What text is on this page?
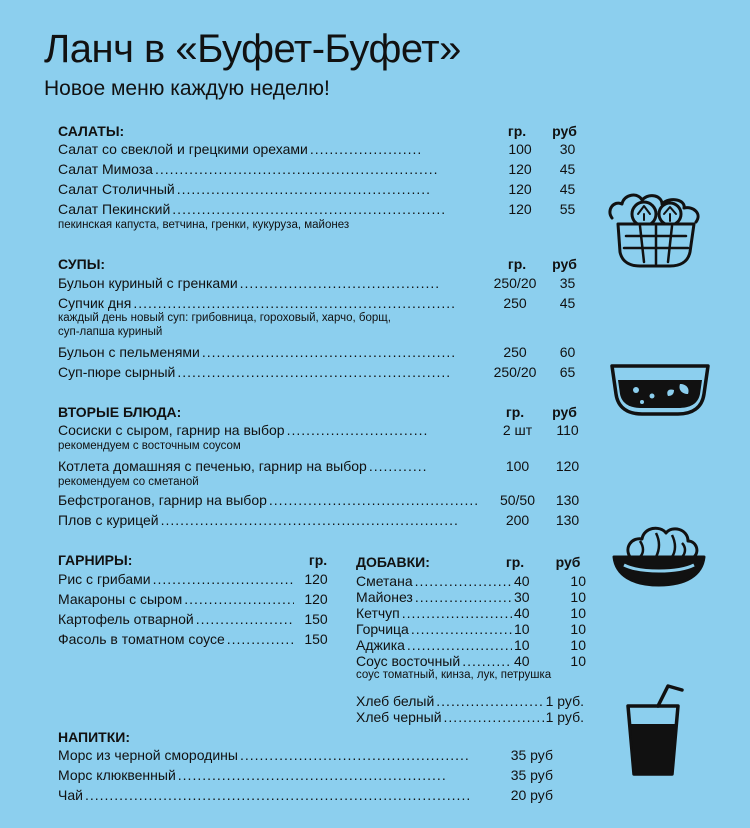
Ланч в «Буфет-Буфет»
Новое меню каждую неделю!
САЛАТЫ:	гр.	руб
Салат со свеклой и грецкими орехами .....	100	30
Салат Мимоза .....	120	45
Салат Столичный .....	120	45
Салат Пекинский .....	120	55
пекинская капуста, ветчина, гренки, кукуруза, майонез
СУПЫ:	гр.	руб
Бульон куриный с гренками .....	250/20	35
Супчик дня .....	250	45
каждый день новый суп: грибовница, гороховый, харчо, борщ,
суп-лапша куриный
Бульон с пельменями .....	250	60
Суп-пюре сырный .....	250/20	65
ВТОРЫЕ БЛЮДА:	гр.	руб
Сосиски с сыром, гарнир на выбор .....	2 шт	110
рекомендуем с восточным соусом
Котлета домашняя с печенью, гарнир на выбор .....	100	120
рекомендуем со сметаной
Бефстроганов, гарнир на выбор .....	50/50	130
Плов с курицей .....	200	130
ГАРНИРЫ:	гр.
Рис с грибами .....	120
Макароны с сыром .....	120
Картофель отварной .....	150
Фасоль в томатном соусе .....	150
ДОБАВКИ:	гр.	руб
Сметана .....	40	10
Майонез .....	30	10
Кетчуп .....	40	10
Горчица .....	10	10
Аджика .....	10	10
Соус восточный .....	40	10
соус томатный, кинза, лук, петрушка
Хлеб белый .....	1 руб.
Хлеб черный .....	1 руб.
НАПИТКИ:
Морс из черной смородины .....	35 руб
Морс клюквенный .....	35 руб
Чай .....	20 руб
